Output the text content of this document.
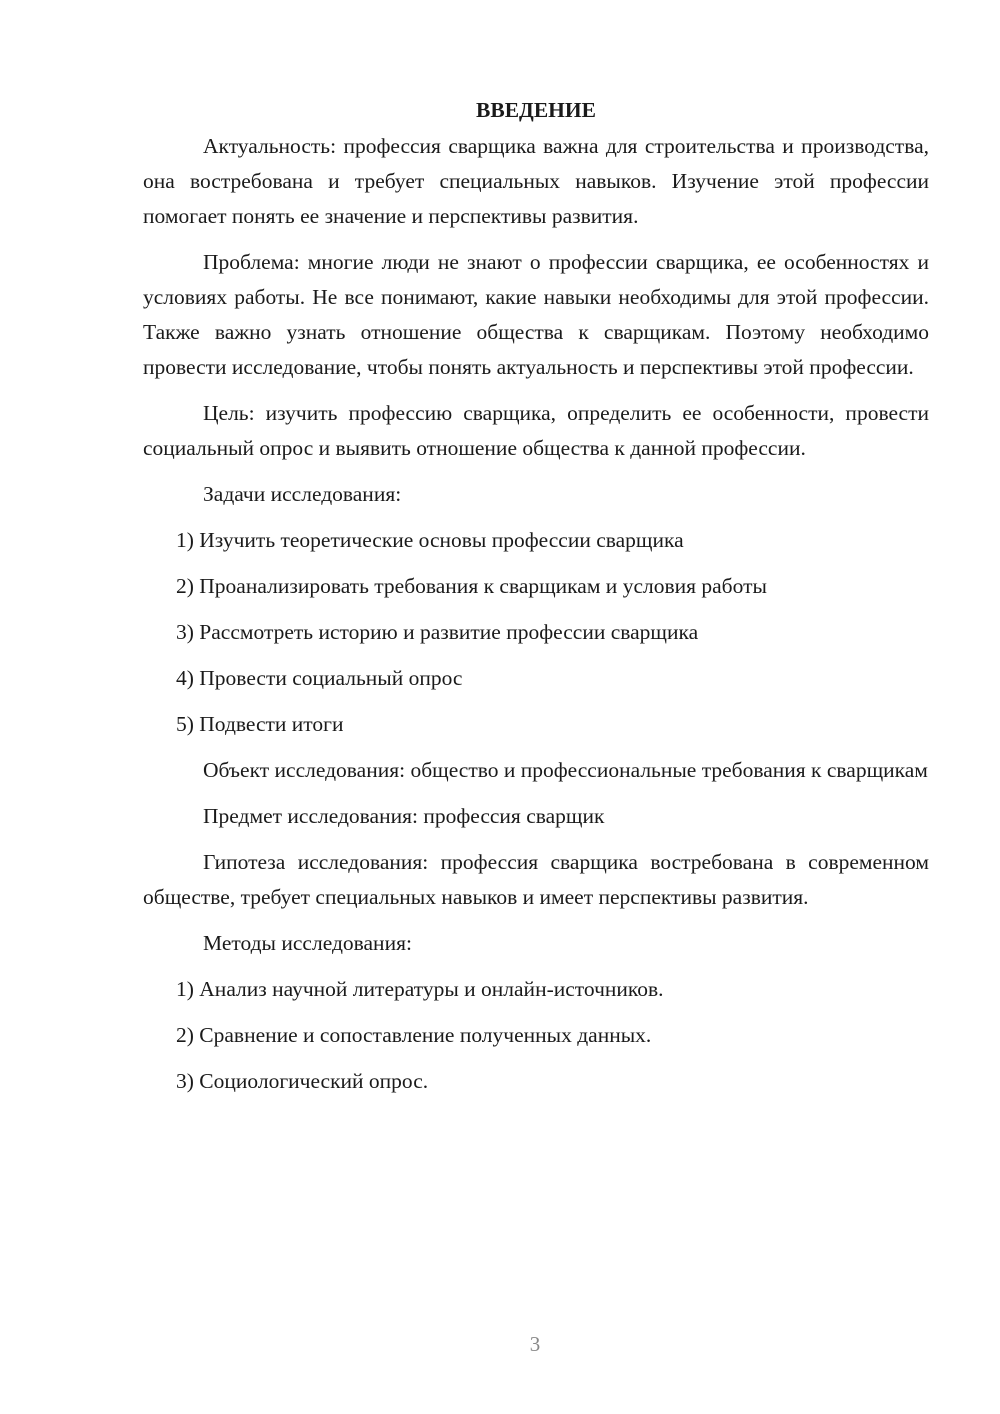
ВВЕДЕНИЕ
Актуальность: профессия сварщика важна для строительства и производства, она востребована и требует специальных навыков. Изучение этой профессии помогает понять ее значение и перспективы развития.
Проблема: многие люди не знают о профессии сварщика, ее особенностях и условиях работы. Не все понимают, какие навыки необходимы для этой профессии. Также важно узнать отношение общества к сварщикам. Поэтому необходимо провести исследование, чтобы понять актуальность и перспективы этой профессии.
Цель: изучить профессию сварщика, определить ее особенности, провести социальный опрос и выявить отношение общества к данной профессии.
Задачи исследования:
1) Изучить теоретические основы профессии сварщика
2) Проанализировать требования к сварщикам и условия работы
3) Рассмотреть историю и развитие профессии сварщика
4) Провести социальный опрос
5) Подвести итоги
Объект исследования: общество и профессиональные требования к сварщикам
Предмет исследования: профессия сварщик
Гипотеза исследования: профессия сварщика востребована в современном обществе, требует специальных навыков и имеет перспективы развития.
Методы исследования:
1) Анализ научной литературы и онлайн-источников.
2) Сравнение и сопоставление полученных данных.
3) Социологический опрос.
3
